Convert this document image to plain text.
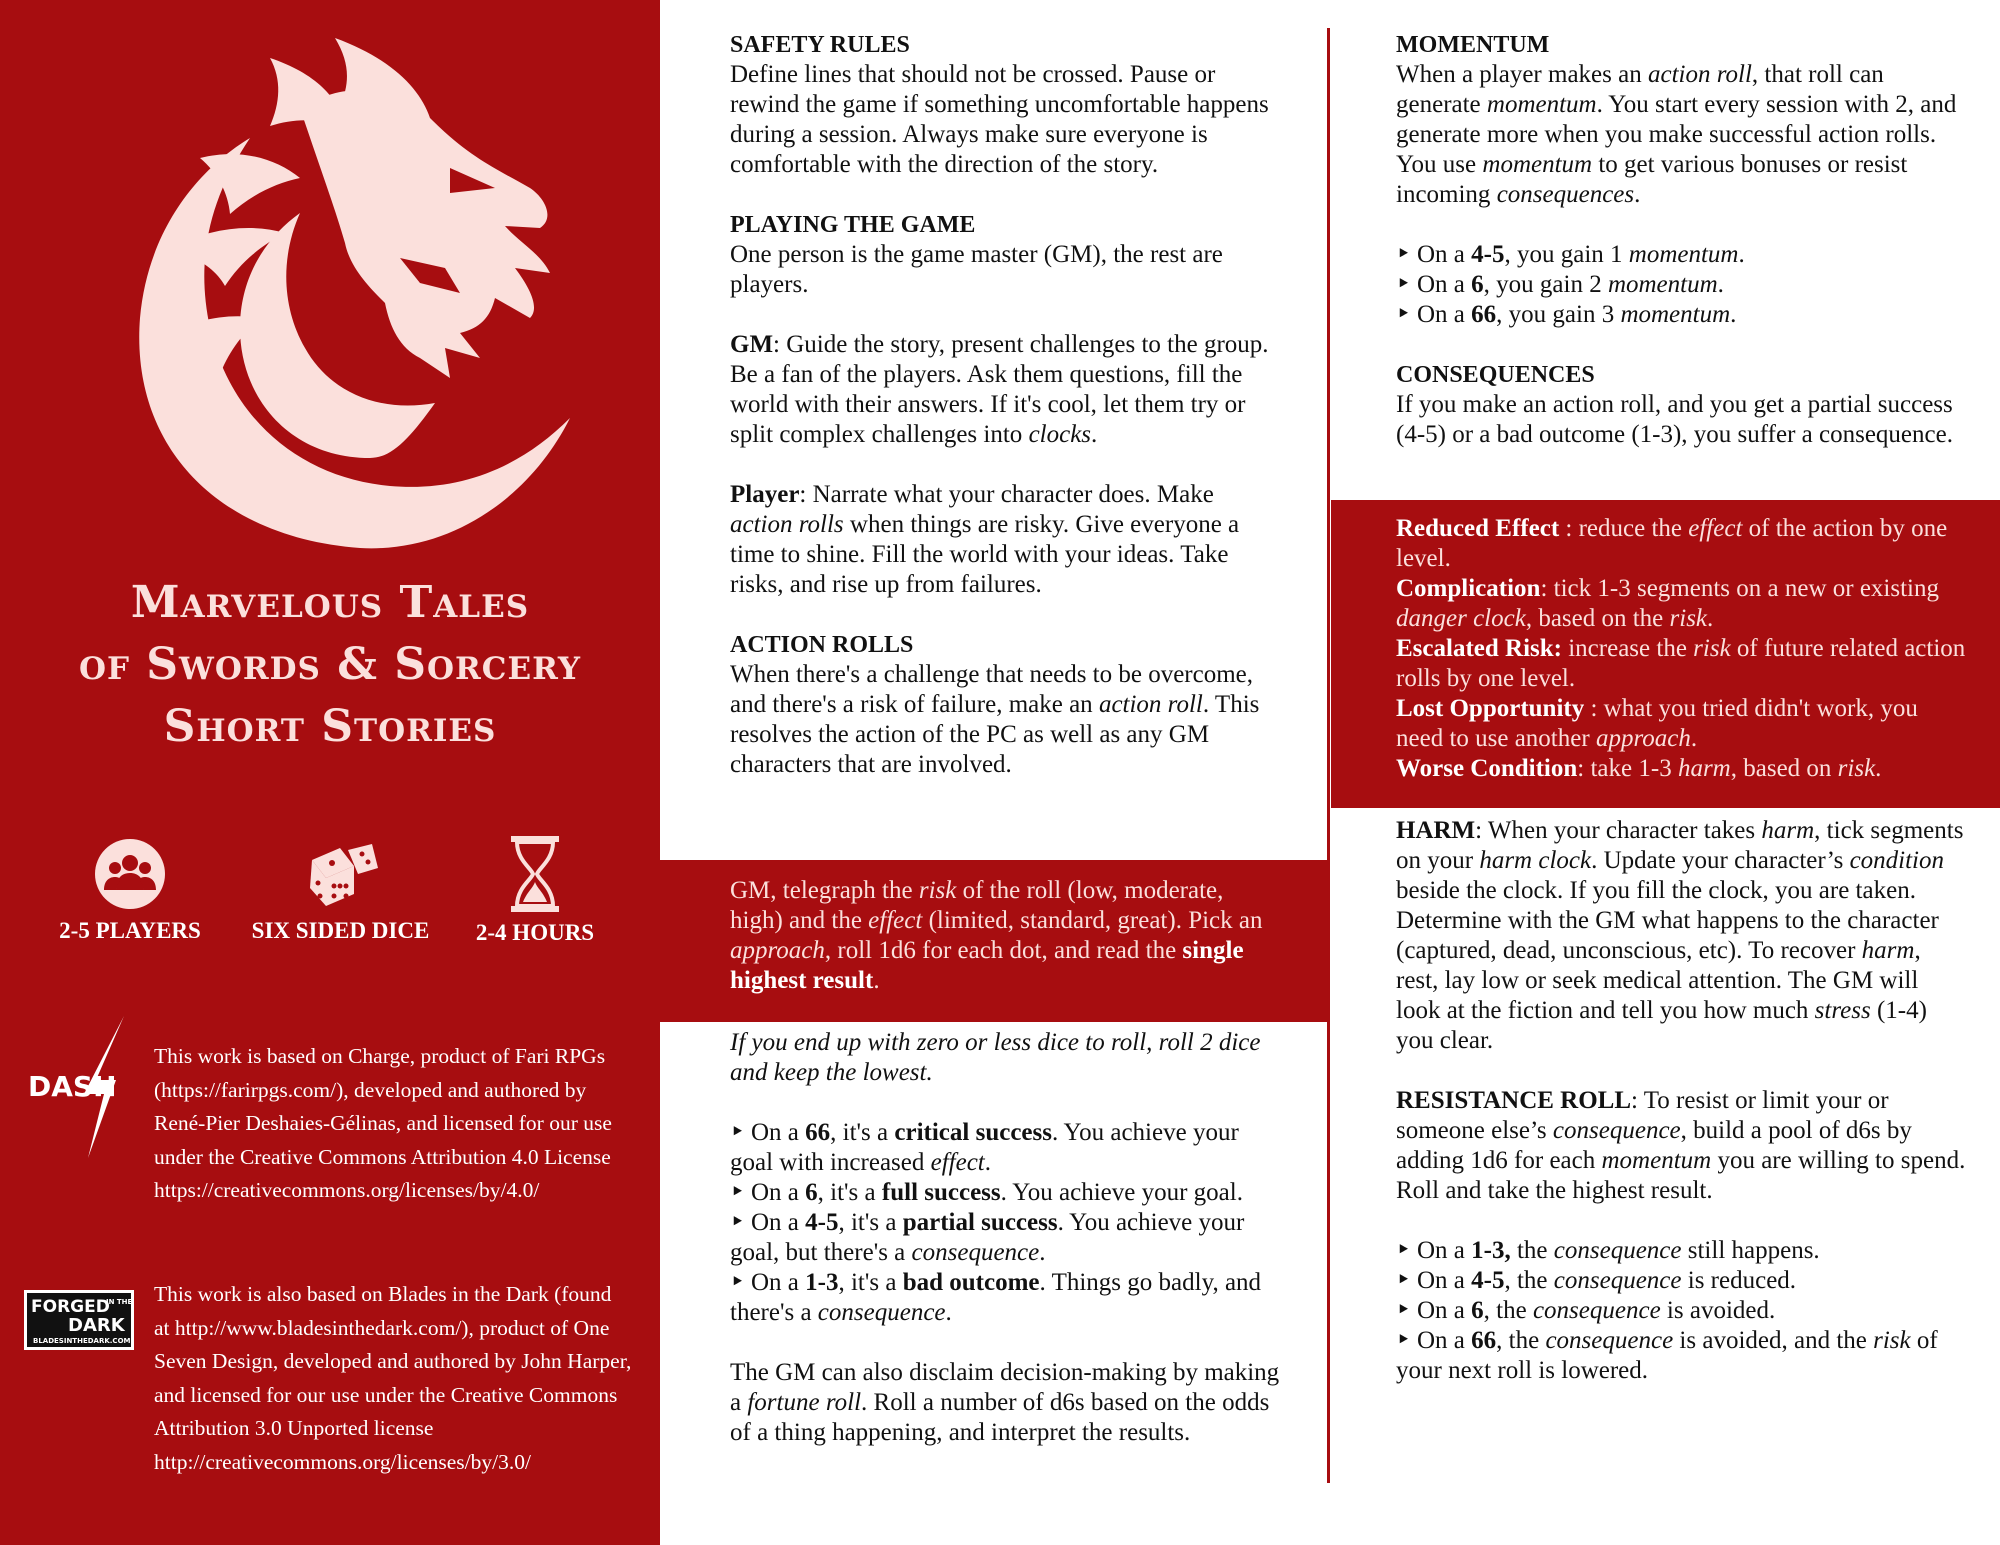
Marvelous Tales
of Swords & Sorcery
Short Stories
2-5 PLAYERS	SIX SIDED DICE	2-4 HOURS
DASH
This work is based on Charge, product of Fari RPGs (https://farirpgs.com/), developed and authored by René-Pier Deshaies-Gélinas, and licensed for our use under the Creative Commons Attribution 4.0 License https://creativecommons.org/licenses/by/4.0/
FORGED
IN THE
DARK
BLADESINTHEDARK.COM
This work is also based on Blades in the Dark (found at http://www.bladesinthedark.com/), product of One Seven Design, developed and authored by John Harper, and licensed for our use under the Creative Commons Attribution 3.0 Unported license http://creativecommons.org/licenses/by/3.0/
SAFETY RULES

Define lines that should not be crossed. Pause or rewind the game if something uncomfortable happens during a session. Always make sure everyone is comfortable with the direction of the story.

PLAYING THE GAME

One person is the game master (GM), the rest are players.

GM: Guide the story, present challenges to the group. Be a fan of the players. Ask them questions, fill the world with their answers. If it's cool, let them try or split complex challenges into clocks.

Player: Narrate what your character does. Make action rolls when things are risky. Give everyone a time to shine. Fill the world with your ideas. Take risks, and rise up from failures.

ACTION ROLLS

When there's a challenge that needs to be overcome, and there's a risk of failure, make an action roll. This resolves the action of the PC as well as any GM characters that are involved.

GM, telegraph the risk of the roll (low, moderate, high) and the effect (limited, standard, great). Pick an approach, roll 1d6 for each dot, and read the single highest result.

If you end up with zero or less dice to roll, roll 2 dice and keep the lowest.

‣ On a 66, it's a critical success. You achieve your goal with increased effect.

‣ On a 6, it's a full success. You achieve your goal.

‣ On a 4-5, it's a partial success. You achieve your goal, but there's a consequence.

‣ On a 1-3, it's a bad outcome. Things go badly, and there's a consequence.

The GM can also disclaim decision-making by making a fortune roll. Roll a number of d6s based on the odds of a thing happening, and interpret the results.

MOMENTUM

When a player makes an action roll, that roll can generate momentum. You start every session with 2, and generate more when you make successful action rolls. You use momentum to get various bonuses or resist incoming consequences.

‣ On a 4-5, you gain 1 momentum.

‣ On a 6, you gain 2 momentum.

‣ On a 66, you gain 3 momentum.

CONSEQUENCES

If you make an action roll, and you get a partial success (4-5) or a bad outcome (1-3), you suffer a consequence.

Reduced Effect : reduce the effect of the action by one level.

Complication: tick 1-3 segments on a new or existing danger clock, based on the risk.

Escalated Risk: increase the risk of future related action rolls by one level.

Lost Opportunity : what you tried didn't work, you need to use another approach.

Worse Condition: take 1-3 harm, based on risk.

HARM: When your character takes harm, tick segments on your harm clock. Update your character’s condition beside the clock. If you fill the clock, you are taken. Determine with the GM what happens to the character (captured, dead, unconscious, etc). To recover harm, rest, lay low or seek medical attention. The GM will look at the fiction and tell you how much stress (1-4) you clear.

RESISTANCE ROLL: To resist or limit your or someone else’s consequence, build a pool of d6s by adding 1d6 for each momentum you are willing to spend. Roll and take the highest result.

‣ On a 1-3, the consequence still happens.

‣ On a 4-5, the consequence is reduced.

‣ On a 6, the consequence is avoided.

‣ On a 66, the consequence is avoided, and the risk of your next roll is lowered.
